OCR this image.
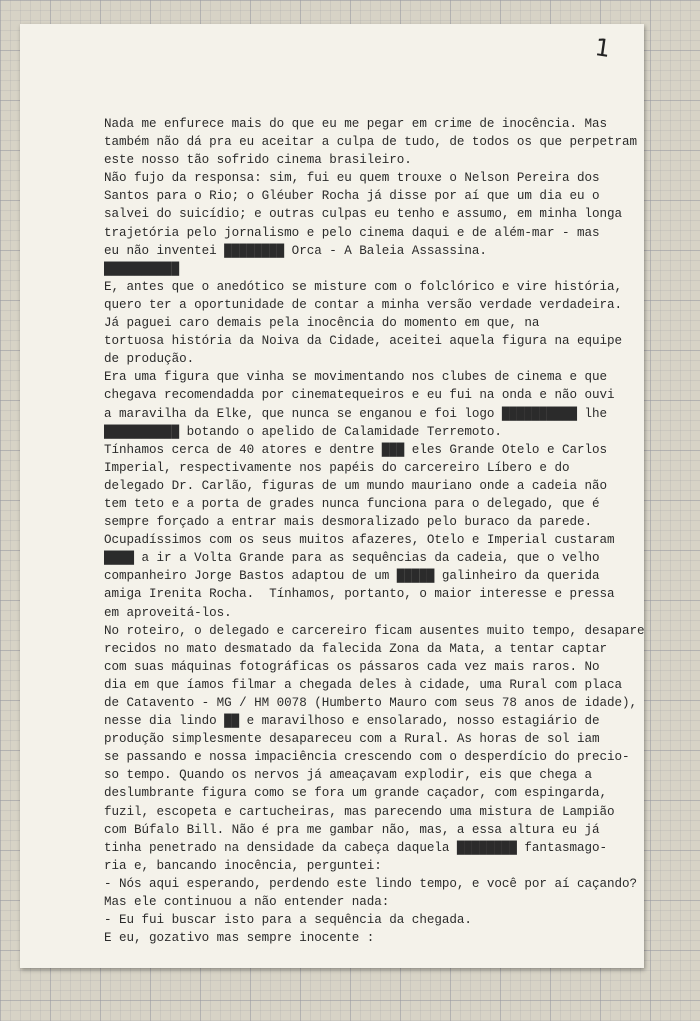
1
Nada me enfurece mais do que eu me pegar em crime de inocência. Mas
também não dá pra eu aceitar a culpa de tudo, de todos os que perpetram
este nosso tão sofrido cinema brasileiro.
Não fujo da responsa: sim, fui eu quem trouxe o Nelson Pereira dos
Santos para o Rio; o Gléuber Rocha já disse por aí que um dia eu o
salvei do suicídio; e outras culpas eu tenho e assumo, em minha longa
trajetória pelo jornalismo e pelo cinema daqui e de além-mar - mas
eu não inventei ████████ Orca - A Baleia Assassina.
██████████
E, antes que o anedótico se misture com o folclórico e vire história,
quero ter a oportunidade de contar a minha versão verdade verdadeira.
Já paguei caro demais pela inocência do momento em que, na
tortuosa história da Noiva da Cidade, aceitei aquela figura na equipe
de produção.
Era uma figura que vinha se movimentando nos clubes de cinema e que
chegava recomendadda por cinematequeiros e eu fui na onda e não ouvi
a maravilha da Elke, que nunca se enganou e foi logo ██████████ lhe
██████████ botando o apelido de Calamidade Terremoto.
Tínhamos cerca de 40 atores e dentre ███ eles Grande Otelo e Carlos
Imperial, respectivamente nos papéis do carcereiro Líbero e do
delegado Dr. Carlão, figuras de um mundo mauriano onde a cadeia não
tem teto e a porta de grades nunca funciona para o delegado, que é
sempre forçado a entrar mais desmoralizado pelo buraco da parede.
Ocupadíssimos com os seus muitos afazeres, Otelo e Imperial custaram
████ a ir a Volta Grande para as sequências da cadeia, que o velho
companheiro Jorge Bastos adaptou de um █████ galinheiro da querida
amiga Irenita Rocha.  Tínhamos, portanto, o maior interesse e pressa
em aproveitá-los.
No roteiro, o delegado e carcereiro ficam ausentes muito tempo, desapare
recidos no mato desmatado da falecida Zona da Mata, a tentar captar
com suas máquinas fotográficas os pássaros cada vez mais raros. No
dia em que íamos filmar a chegada deles à cidade, uma Rural com placa
de Catavento - MG / HM 0078 (Humberto Mauro com seus 78 anos de idade),
nesse dia lindo ██ e maravilhoso e ensolarado, nosso estagiário de
produção simplesmente desapareceu com a Rural. As horas de sol iam
se passando e nossa impaciência crescendo com o desperdício do precio-
so tempo. Quando os nervos já ameaçavam explodir, eis que chega a
deslumbrante figura como se fora um grande caçador, com espingarda,
fuzil, escopeta e cartucheiras, mas parecendo uma mistura de Lampião
com Búfalo Bill. Não é pra me gambar não, mas, a essa altura eu já
tinha penetrado na densidade da cabeça daquela ████████ fantasmago-
ria e, bancando inocência, perguntei:
- Nós aqui esperando, perdendo este lindo tempo, e você por aí caçando?
Mas ele continuou a não entender nada:
- Eu fui buscar isto para a sequência da chegada.
E eu, gozativo mas sempre inocente :
